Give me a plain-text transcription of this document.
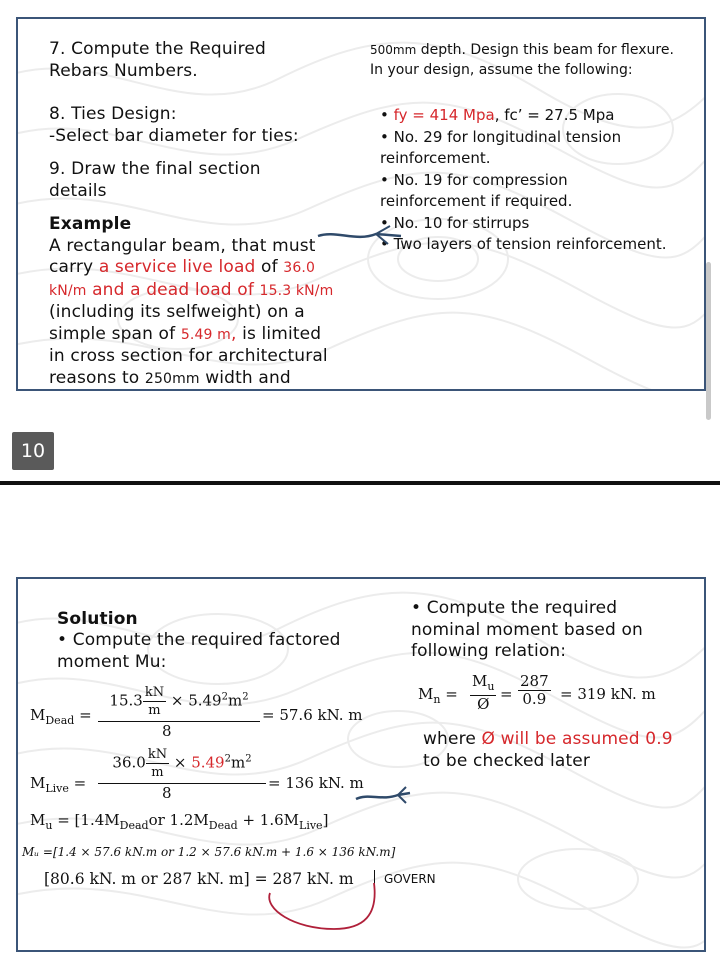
7. Compute the Required
Rebars Numbers.
8. Ties Design:
-Select bar diameter for ties:
9. Draw the final section
details
Example
A rectangular beam, that must
carry a service live load of 36.0
kN/m and a dead load of 15.3 kN/m
(including its selfweight) on a
simple span of 5.49 m, is limited
in cross section for architectural
reasons to 250mm width and
500mm depth. Design this beam for flexure.
In your design, assume the following:
• fy = 414 Mpa, fc’ = 27.5 Mpa
• No. 29 for longitudinal tension
reinforcement.
• No. 19 for compression
reinforcement if required.
• No. 10 for stirrups
• Two layers of tension reinforcement.
10
Solution
• Compute the required factored
moment Mu:
$M_{Dead}$ =
$15.3 \frac{kN}{m} \times 5.49^2m^2$
8
= 57.6 kN. m
$M_{Live}$ =
$36.0 \frac{kN}{m} \times 5.49^2m^2$
8
= 136 kN. m
$M_u = [1.4M_{Dead}or$ $1.2M_{Dead} + 1.6M_{Live}$]
Mᵤ =[1.4 × 57.6 kN.m or 1.2 × 57.6 kN.m + 1.6 × 136 kN.m]
[80.6 kN. m or 287 kN. m] = 287 kN. m	GOVERN
• Compute the required
nominal moment based on
following relation:
$M_n = \frac{M_u}{Ø} = \frac{287}{0.9} = 319$ kN. m
where Ø will be assumed 0.9
to be checked later
